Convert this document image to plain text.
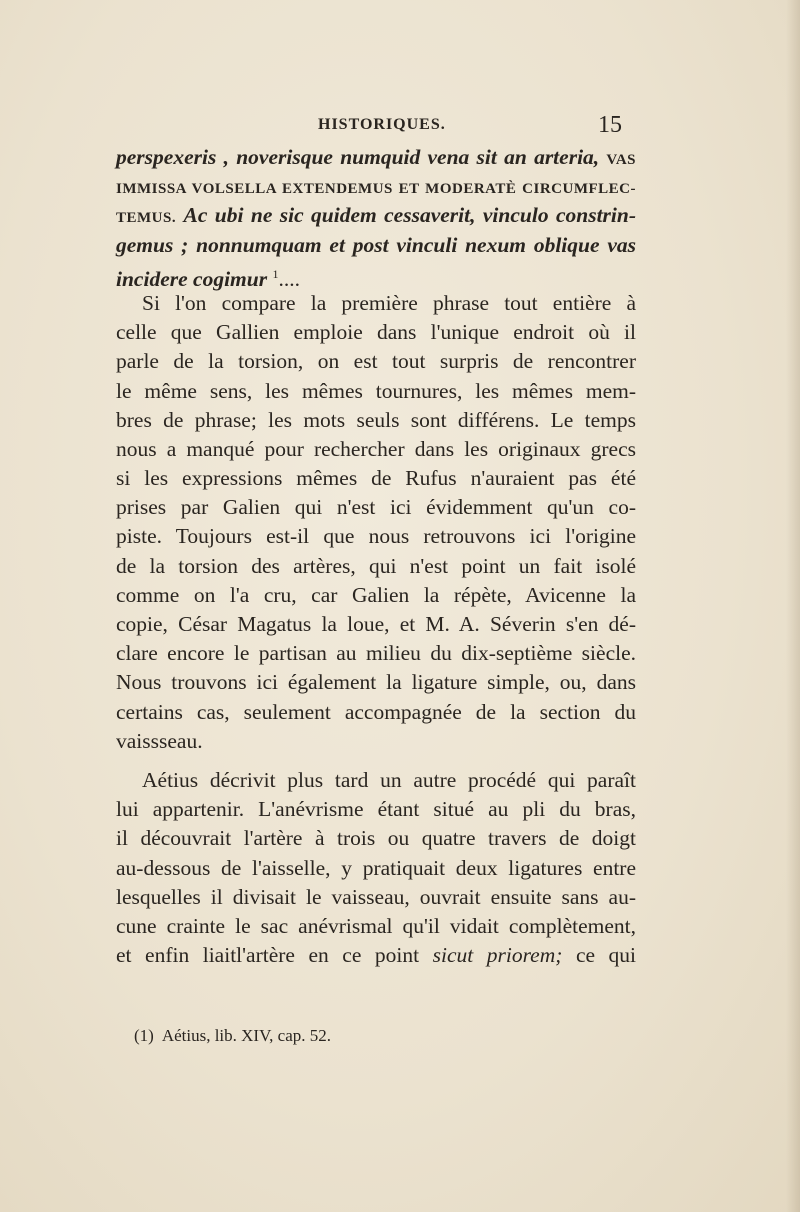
HISTORIQUES.	15
perspexeris , noverisque numquid vena sit an arteria, VAS
IMMISSA VOLSELLA EXTENDEMUS ET MODERATÈ CIRCUMFLEC-
TEMUS. Ac ubi ne sic quidem cessaverit, vinculo constrin-
gemus ; nonnumquam et post vinculi nexum oblique vas
incidere cogimur $^1$....
Si l'on compare la première phrase tout entière à
celle que Gallien emploie dans l'unique endroit où il
parle de la torsion, on est tout surpris de rencontrer
le même sens, les mêmes tournures, les mêmes mem-
bres de phrase; les mots seuls sont différens. Le temps
nous a manqué pour rechercher dans les originaux grecs
si les expressions mêmes de Rufus n'auraient pas été
prises par Galien qui n'est ici évidemment qu'un co-
piste. Toujours est-il que nous retrouvons ici l'origine
de la torsion des artères, qui n'est point un fait isolé
comme on l'a cru, car Galien la répète, Avicenne la
copie, César Magatus la loue, et M. A. Séverin s'en dé-
clare encore le partisan au milieu du dix-septième siècle.
Nous trouvons ici également la ligature simple, ou, dans
certains cas, seulement accompagnée de la section du
vaissseau.
Aétius décrivit plus tard un autre procédé qui paraît
lui appartenir. L'anévrisme étant situé au pli du bras,
il découvrait l'artère à trois ou quatre travers de doigt
au-dessous de l'aisselle, y pratiquait deux ligatures entre
lesquelles il divisait le vaisseau, ouvrait ensuite sans au-
cune crainte le sac anévrismal qu'il vidait complètement,
et enfin liaitl'artère en ce point sicut priorem; ce qui
(1) Aétius, lib. XIV, cap. 52.
